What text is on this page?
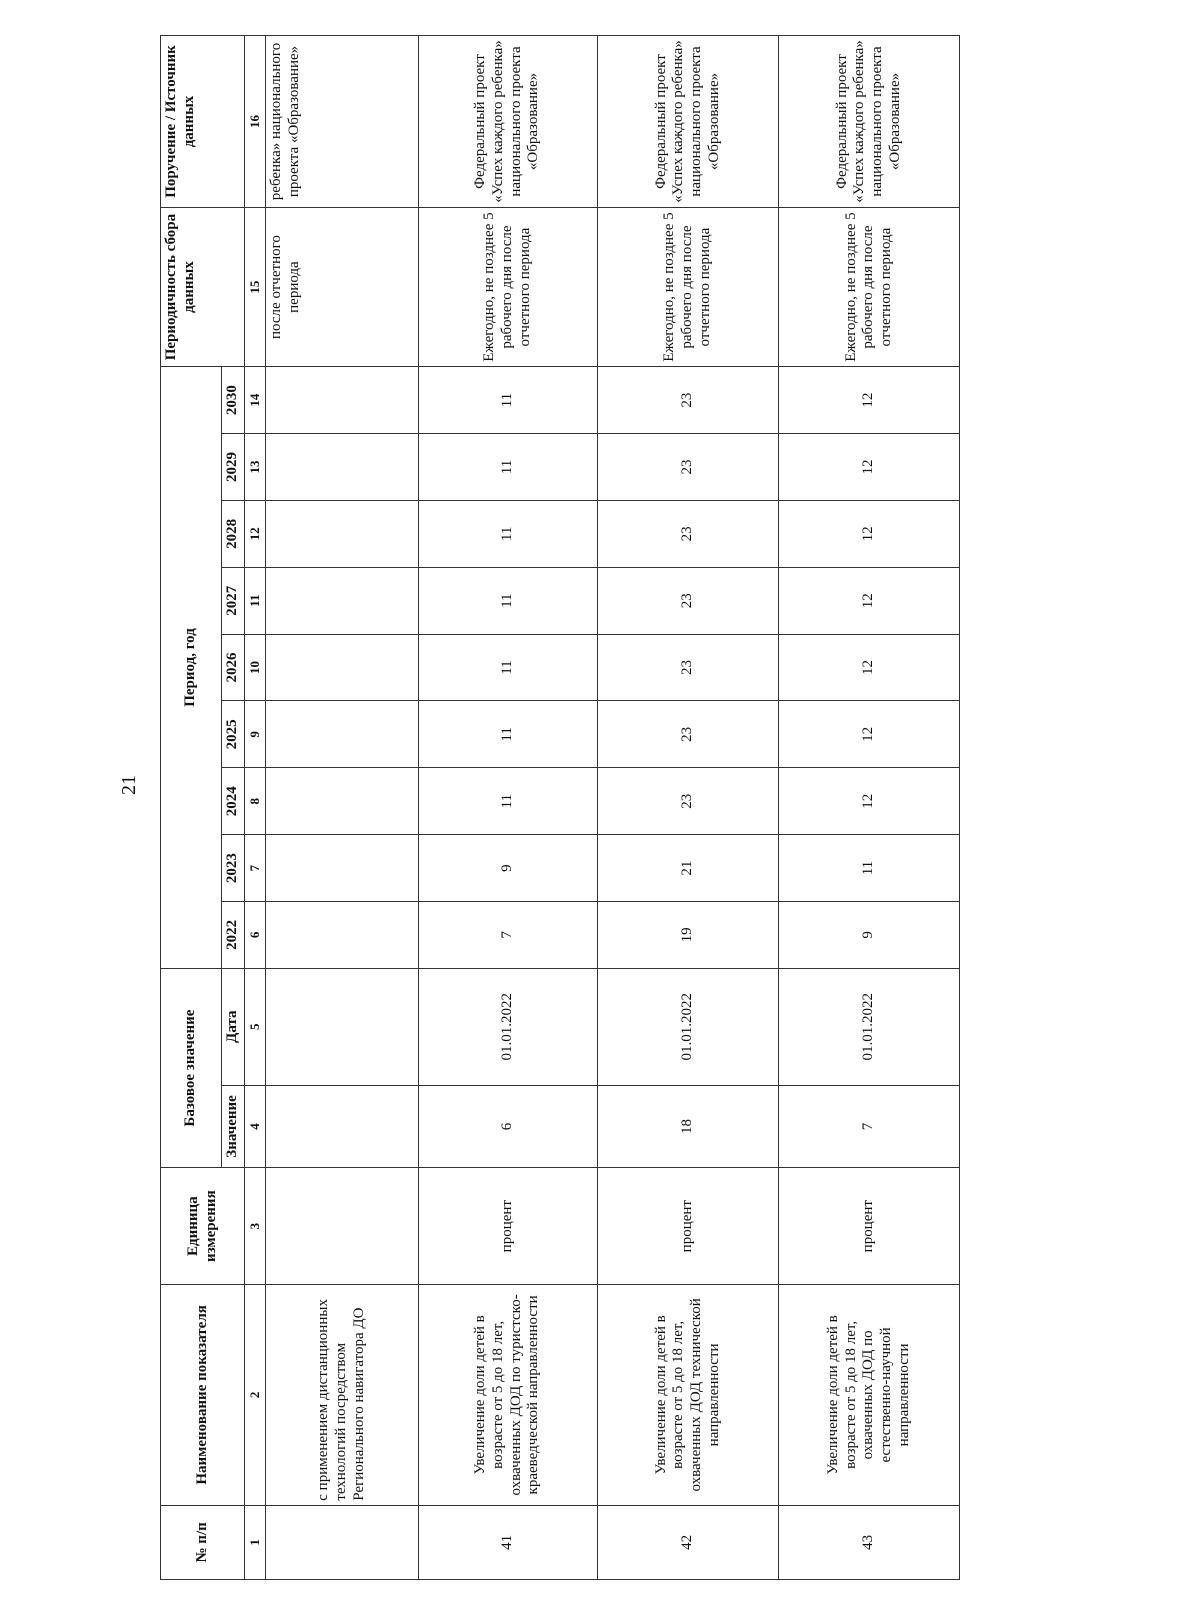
21
№ п/п	Наименование показателя	Единица измерения	Базовое значение		Период, год									Периодичность сбора данных	Поручение / Источник данных
			Значение	Дата	2022	2023	2024	2025	2026	2027	2028	2029	2030		
1	2	3	4	5	6	7	8	9	10	11	12	13	14	15	16
	с применением дистанционных технологий посредством Регионального навигатора ДО													после отчетного периода	ребенка» национального проекта «Образование»
41	Увеличение доли детей в возрасте от 5 до 18 лет, охваченных ДОД по туристско-краеведческой направленности	процент	6	01.01.2022	7	9	11	11	11	11	11	11	11	Ежегодно, не позднее 5 рабочего дня после отчетного периода	Федеральный проект «Успех каждого ребенка» национального проекта «Образование»
42	Увеличение доли детей в возрасте от 5 до 18 лет, охваченных ДОД технической направленности	процент	18	01.01.2022	19	21	23	23	23	23	23	23	23	Ежегодно, не позднее 5 рабочего дня после отчетного периода	Федеральный проект «Успех каждого ребенка» национального проекта «Образование»
43	Увеличение доли детей в возрасте от 5 до 18 лет, охваченных ДОД по естественно-научной направленности	процент	7	01.01.2022	9	11	12	12	12	12	12	12	12	Ежегодно, не позднее 5 рабочего дня после отчетного периода	Федеральный проект «Успех каждого ребенка» национального проекта «Образование»
